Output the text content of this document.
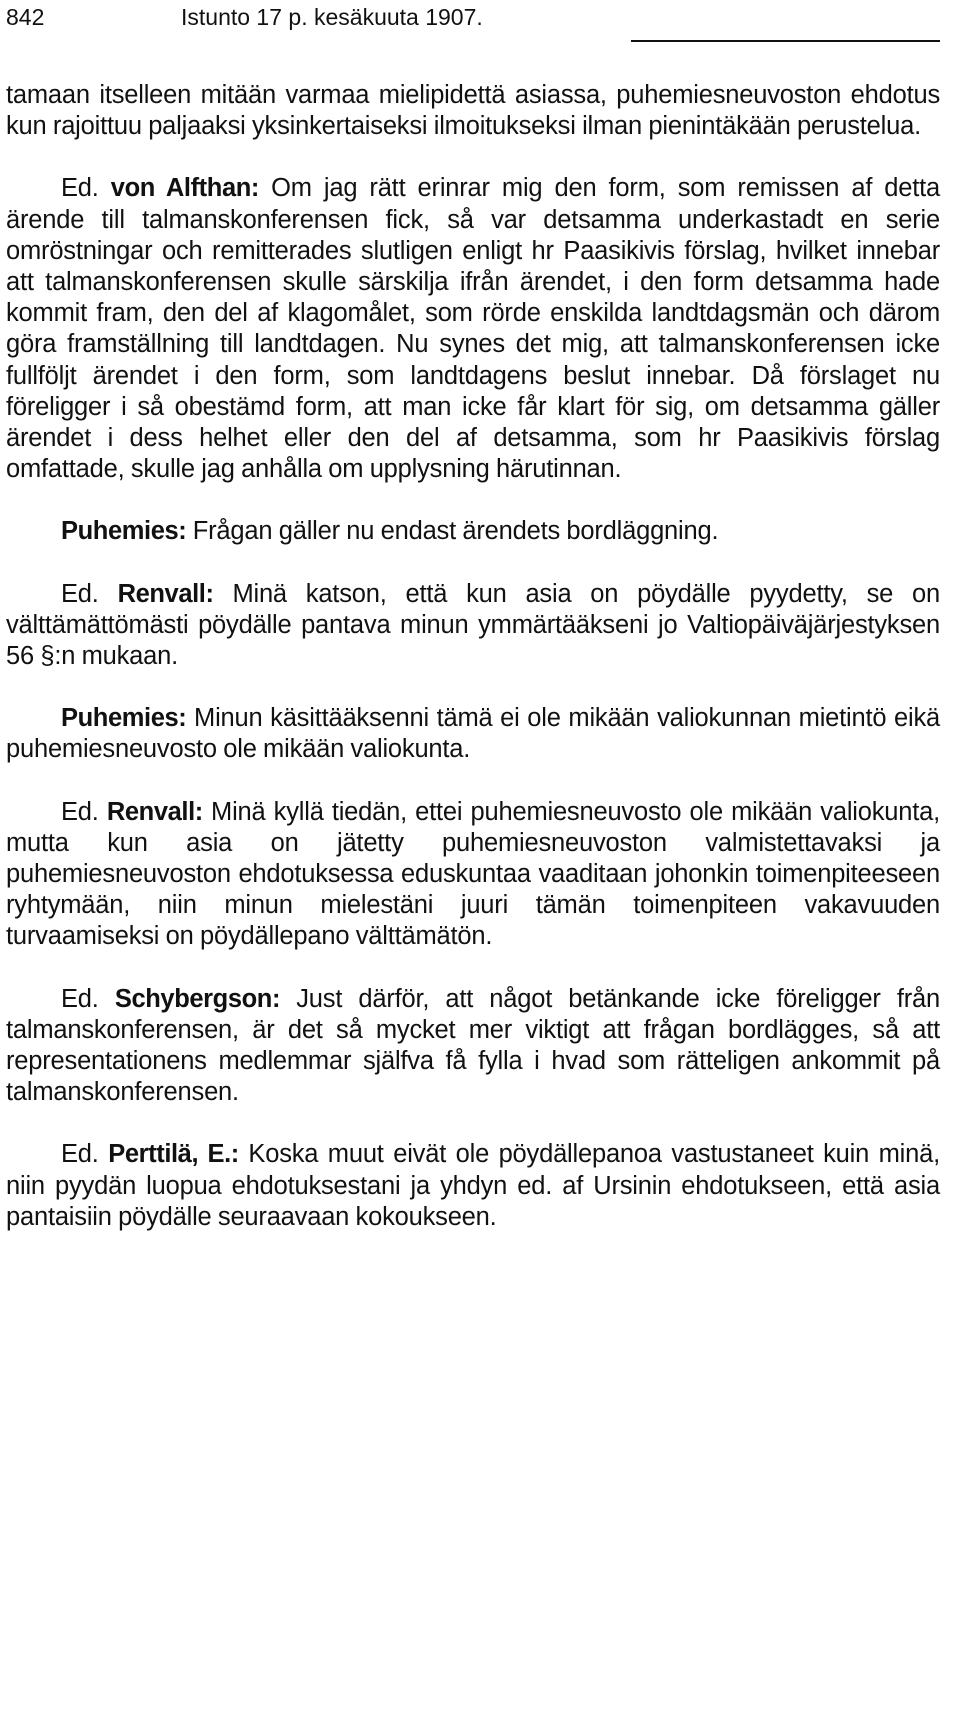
842	Istunto 17 p. kesäkuuta 1907.

tamaan itselleen mitään varmaa mielipidettä asiassa, puhemiesneuvoston ehdotus kun rajoittuu paljaaksi yksinkertaiseksi ilmoitukseksi ilman pienintäkään perustelua.

Ed. von Alfthan: Om jag rätt erinrar mig den form, som remissen af detta ärende till talmanskonferensen fick, så var detsamma underkastadt en serie omröstningar och remitterades slutligen enligt hr Paasikivis förslag, hvilket innebar att talmanskonferensen skulle särskilja ifrån ärendet, i den form detsamma hade kommit fram, den del af klagomålet, som rörde enskilda landtdagsmän och därom göra framställning till landtdagen. Nu synes det mig, att talmanskonferensen icke fullföljt ärendet i den form, som landtdagens beslut innebar. Då förslaget nu föreligger i så obestämd form, att man icke får klart för sig, om detsamma gäller ärendet i dess helhet eller den del af detsamma, som hr Paasikivis förslag omfattade, skulle jag anhålla om upplysning härutinnan.

Puhemies: Frågan gäller nu endast ärendets bordläggning.

Ed. Renvall: Minä katson, että kun asia on pöydälle pyydetty, se on välttämättömästi pöydälle pantava minun ymmärtääkseni jo Valtiopäiväjärjestyksen 56 §:n mukaan.

Puhemies: Minun käsittääksenni tämä ei ole mikään valiokunnan mietintö eikä puhemiesneuvosto ole mikään valiokunta.

Ed. Renvall: Minä kyllä tiedän, ettei puhemiesneuvosto ole mikään valiokunta, mutta kun asia on jätetty puhemiesneuvoston valmistettavaksi ja puhemiesneuvoston ehdotuksessa eduskuntaa vaaditaan johonkin toimenpiteeseen ryhtymään, niin minun mielestäni juuri tämän toimenpiteen vakavuuden turvaamiseksi on pöydällepano välttämätön.

Ed. Schybergson: Just därför, att något betänkande icke föreligger från talmanskonferensen, är det så mycket mer viktigt att frågan bordlägges, så att representationens medlemmar själfva få fylla i hvad som rätteligen ankommit på talmanskonferensen.

Ed. Perttilä, E.: Koska muut eivät ole pöydällepanoa vastustaneet kuin minä, niin pyydän luopua ehdotuksestani ja yhdyn ed. af Ursinin ehdotukseen, että asia pantaisiin pöydälle seuraavaan kokoukseen.
